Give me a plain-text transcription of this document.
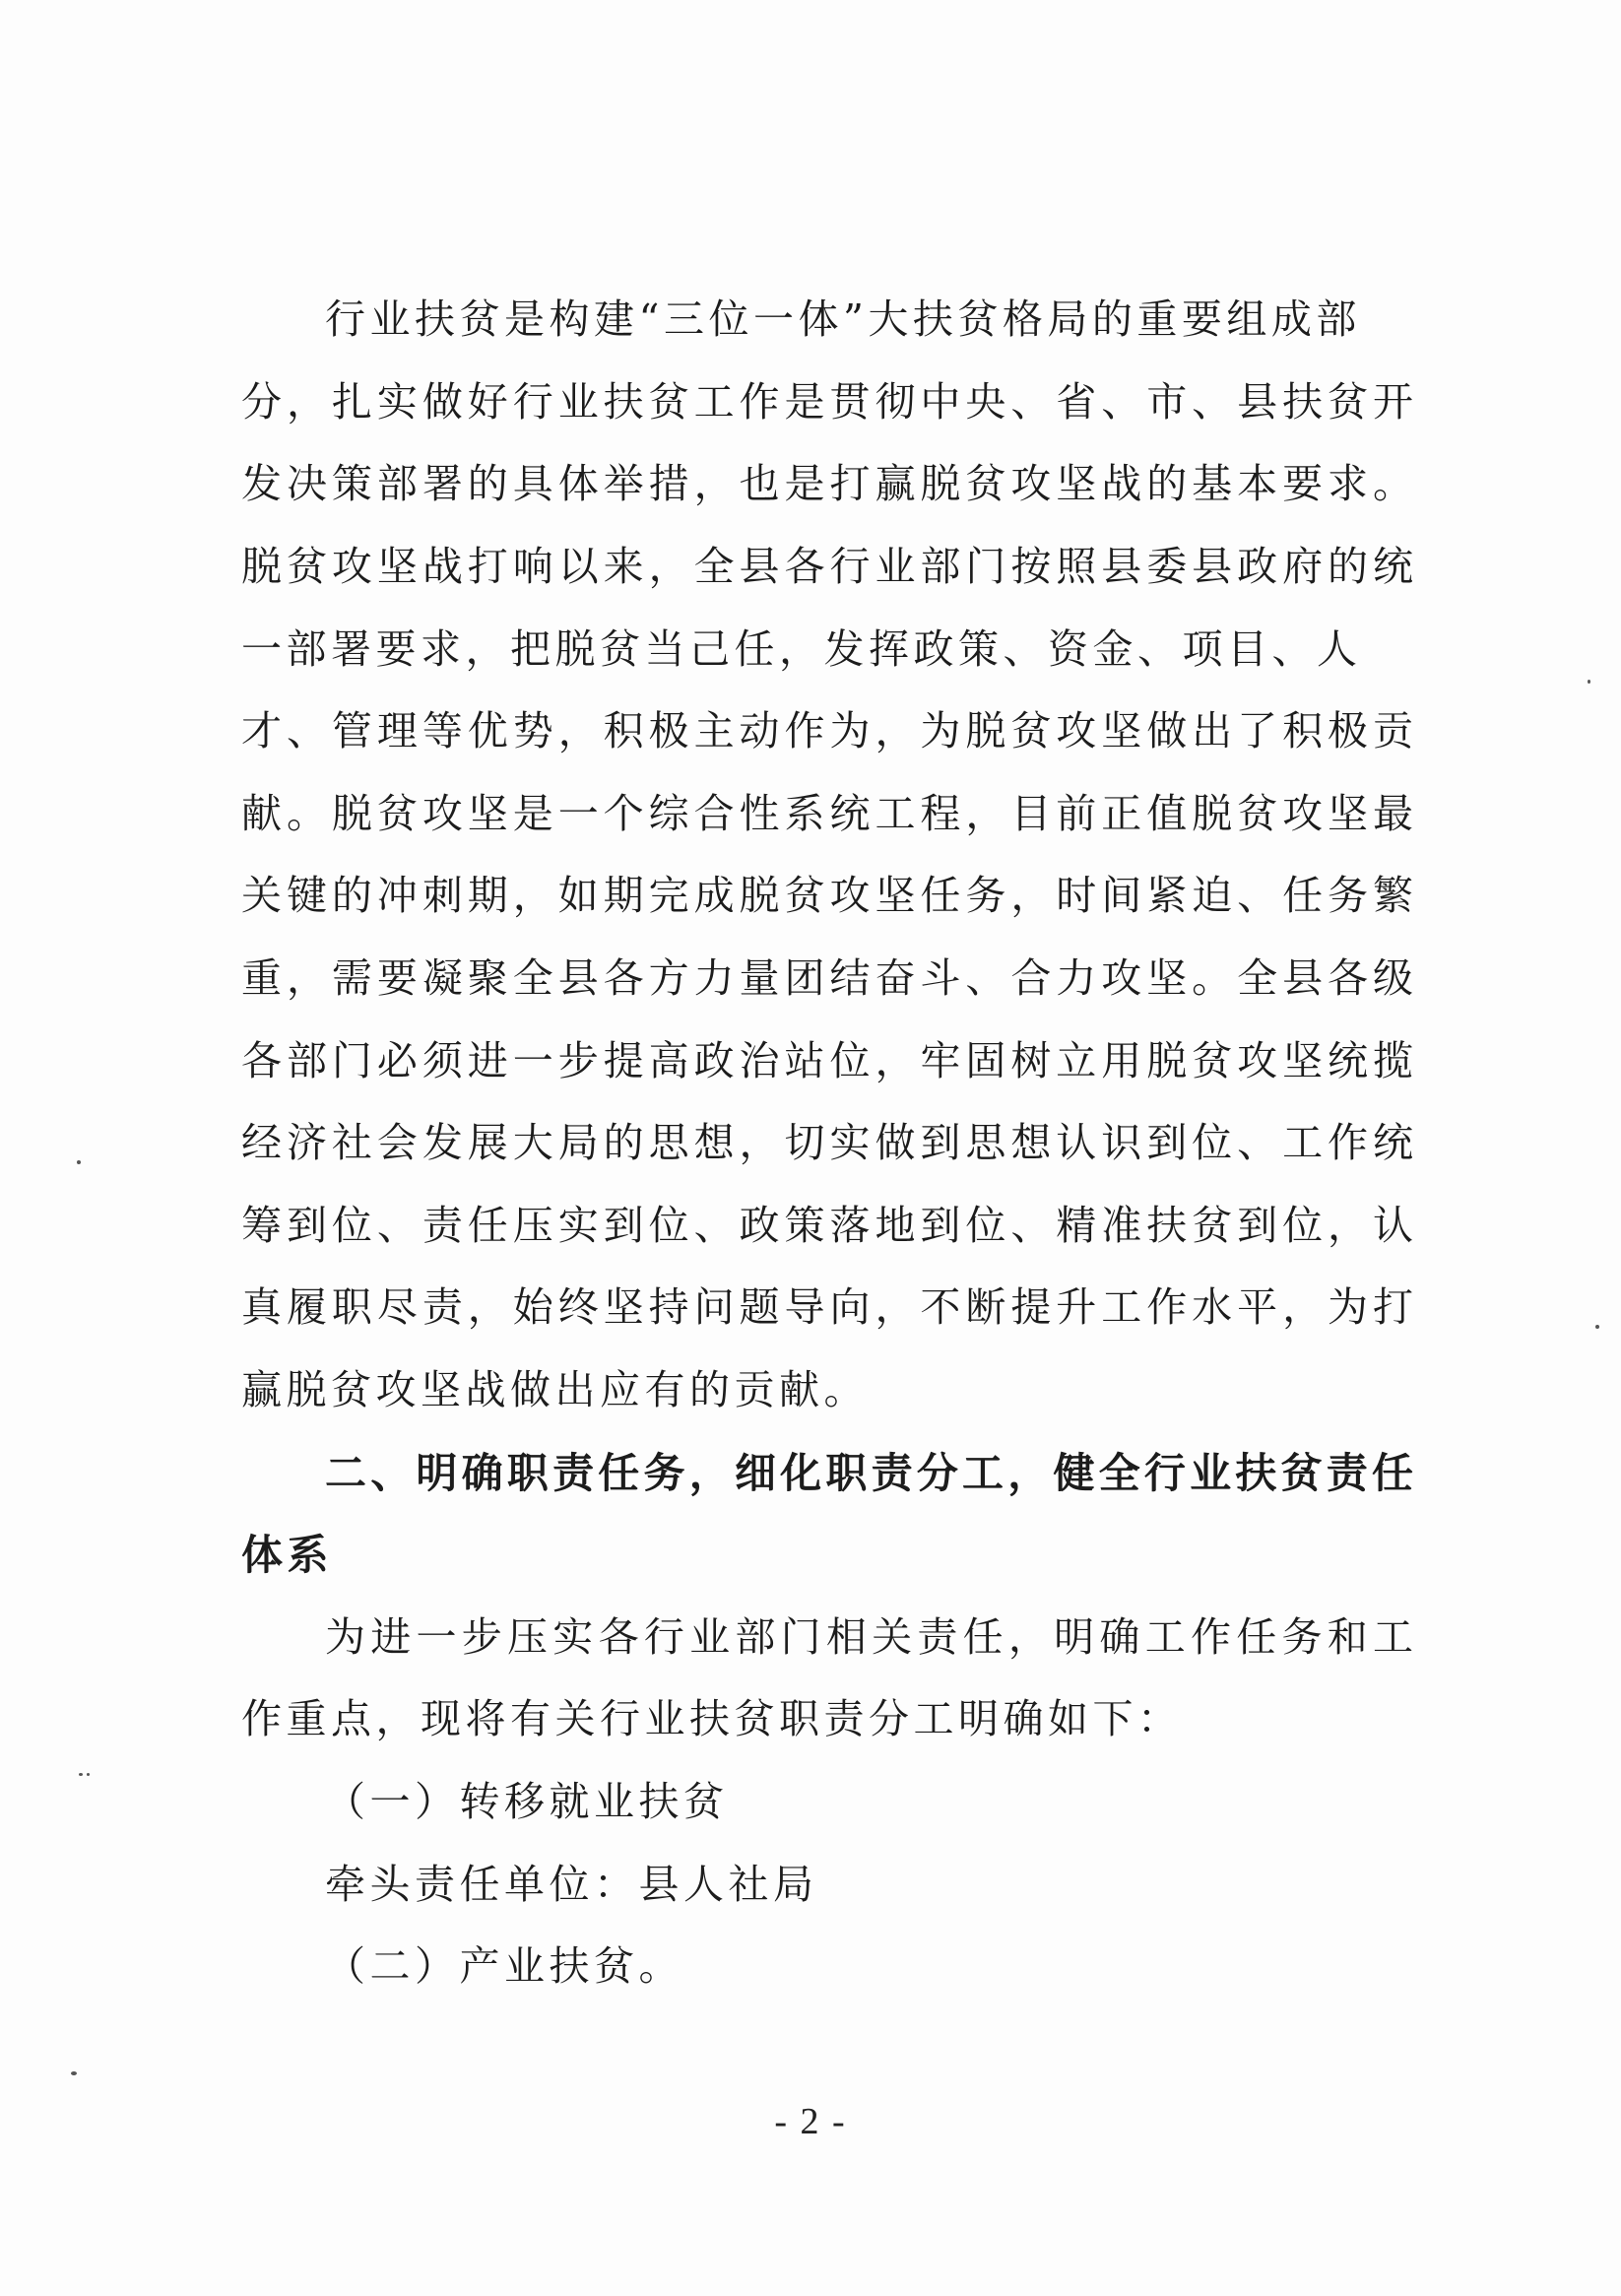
行业扶贫是构建“三位一体”大扶贫格局的重要组成部
分，扎实做好行业扶贫工作是贯彻中央、省、市、县扶贫开
发决策部署的具体举措，也是打赢脱贫攻坚战的基本要求。
脱贫攻坚战打响以来，全县各行业部门按照县委县政府的统
一部署要求，把脱贫当己任，发挥政策、资金、项目、人
才、管理等优势，积极主动作为，为脱贫攻坚做出了积极贡
献。脱贫攻坚是一个综合性系统工程，目前正值脱贫攻坚最
关键的冲刺期，如期完成脱贫攻坚任务，时间紧迫、任务繁
重，需要凝聚全县各方力量团结奋斗、合力攻坚。全县各级
各部门必须进一步提高政治站位，牢固树立用脱贫攻坚统揽
经济社会发展大局的思想，切实做到思想认识到位、工作统
筹到位、责任压实到位、政策落地到位、精准扶贫到位，认
真履职尽责，始终坚持问题导向，不断提升工作水平，为打
赢脱贫攻坚战做出应有的贡献。
二、明确职责任务，细化职责分工，健全行业扶贫责任
体系
为进一步压实各行业部门相关责任，明确工作任务和工
作重点，现将有关行业扶贫职责分工明确如下：
（一）转移就业扶贫
牵头责任单位：县人社局
（二）产业扶贫。
- 2 -
